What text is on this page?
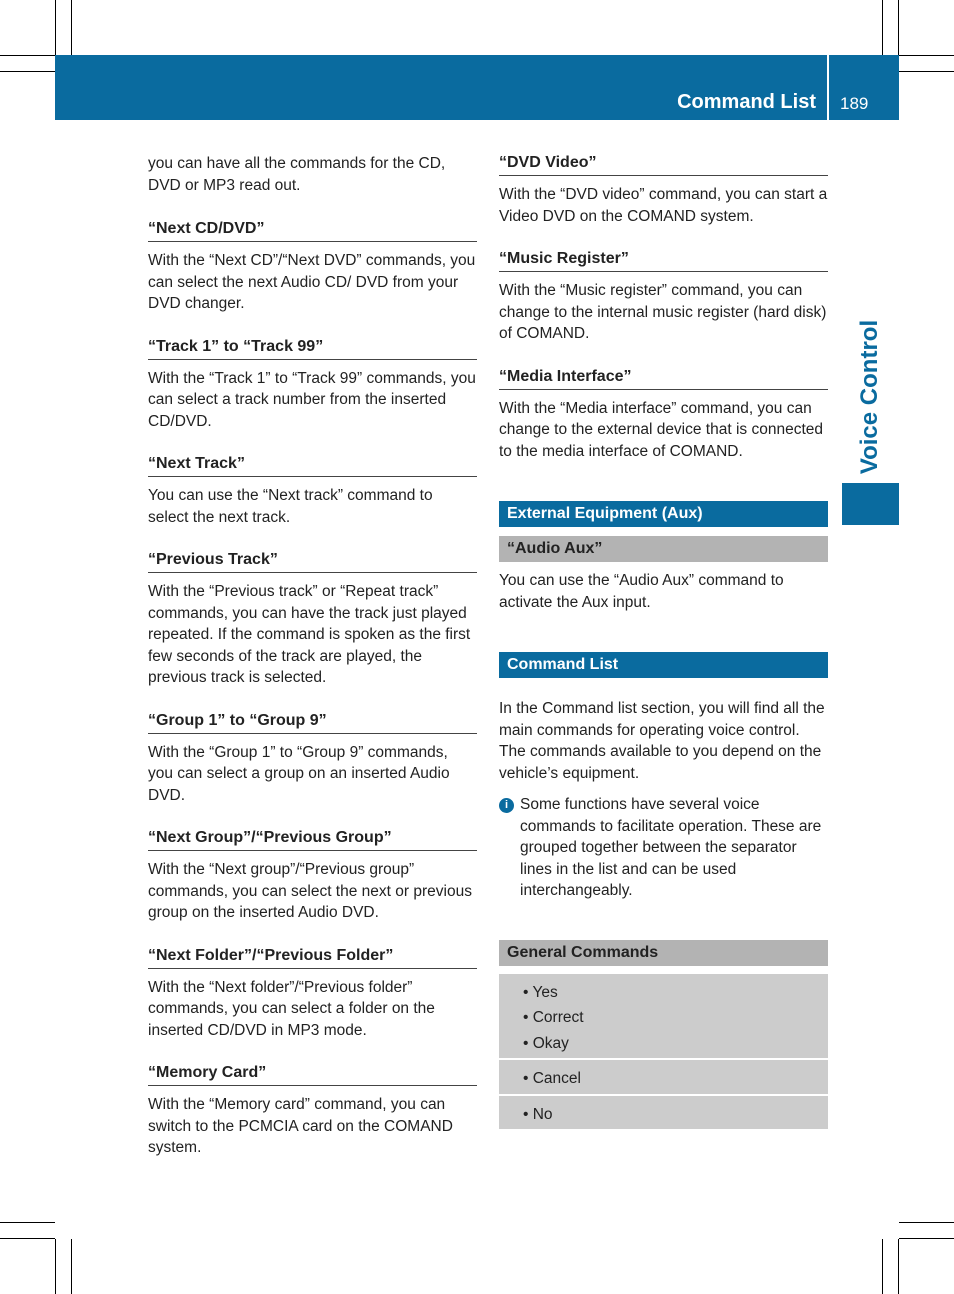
Command List 189
Voice Control

you can have all the commands for the CD, DVD or MP3 read out.

“Next CD/DVD”

With the “Next CD”/“Next DVD” commands, you can select the next Audio CD/ DVD from your DVD changer.

“Track 1” to “Track 99”

With the “Track 1” to “Track 99” commands, you can select a track number from the inserted CD/DVD.

“Next Track”

You can use the “Next track” command to select the next track.

“Previous Track”

With the “Previous track” or “Repeat track” commands, you can have the track just played repeated. If the command is spoken as the first few seconds of the track are played, the previous track is selected.

“Group 1” to “Group 9”

With the “Group 1” to “Group 9” commands, you can select a group on an inserted Audio DVD.

“Next Group”/“Previous Group”

With the “Next group”/“Previous group” commands, you can select the next or previous group on the inserted Audio DVD.

“Next Folder”/“Previous Folder”

With the “Next folder”/“Previous folder” commands, you can select a folder on the inserted CD/DVD in MP3 mode.

“Memory Card”

With the “Memory card” command, you can switch to the PCMCIA card on the COMAND system.

“DVD Video”

With the “DVD video” command, you can start a Video DVD on the COMAND system.

“Music Register”

With the “Music register” command, you can change to the internal music register (hard disk) of COMAND.

“Media Interface”

With the “Media interface” command, you can change to the external device that is connected to the media interface of COMAND.

External Equipment (Aux)
“Audio Aux”

You can use the “Audio Aux” command to activate the Aux input.

Command List

In the Command list section, you will find all the main commands for operating voice control. The commands available to you depend on the vehicle’s equipment.

i Some functions have several voice commands to facilitate operation. These are grouped together between the separator lines in the list and can be used interchangeably.

General Commands
• Yes
• Correct
• Okay
• Cancel
• No
